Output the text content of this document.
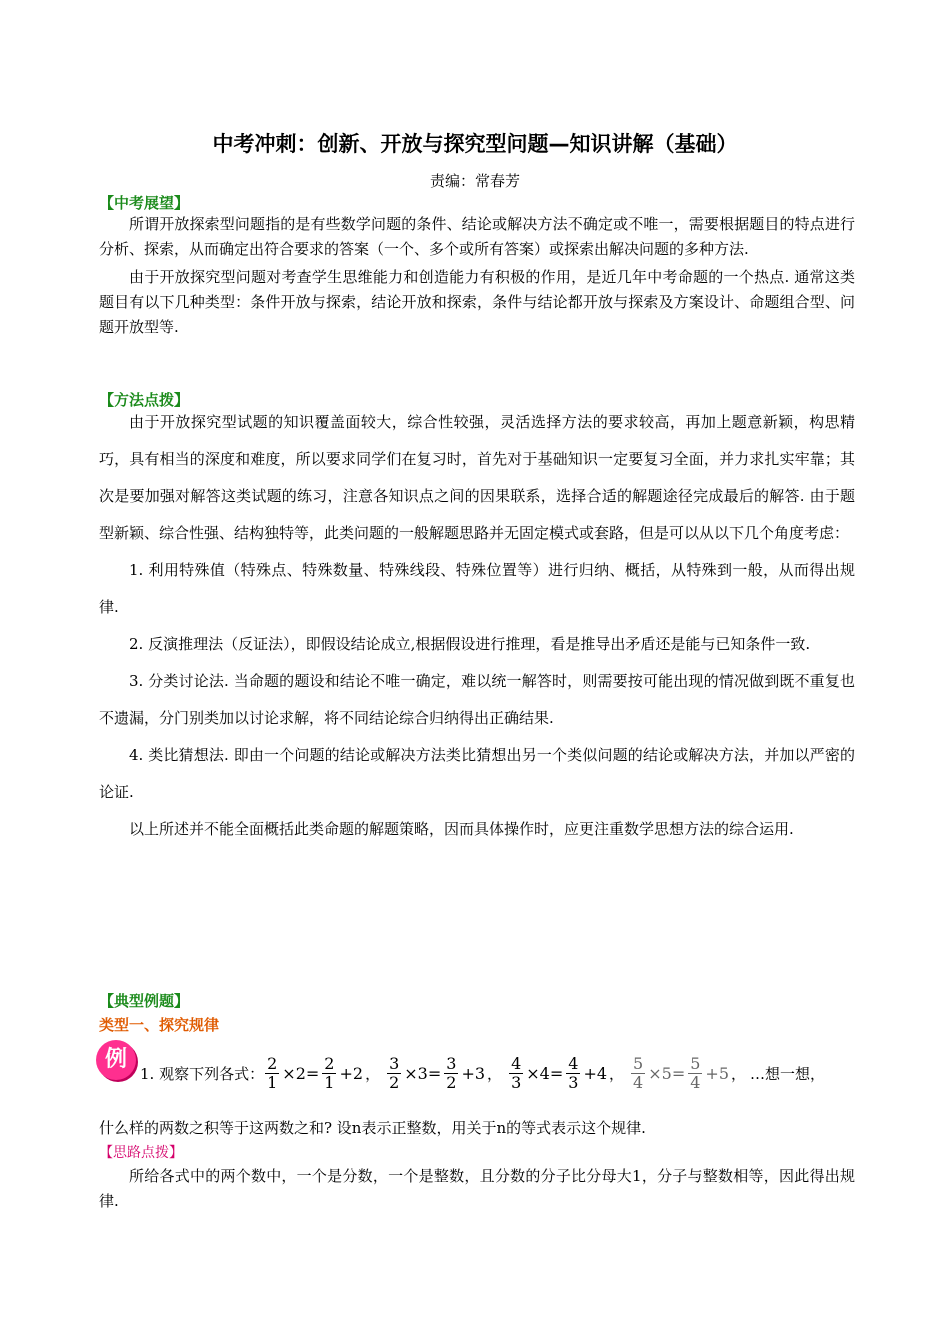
中考冲刺：创新、开放与探究型问题—知识讲解（基础）
责编：常春芳
【中考展望】

所谓开放探索型问题指的是有些数学问题的条件、结论或解决方法不确定或不唯一，需要根据题目的特点进行分析、探索，从而确定出符合要求的答案（一个、多个或所有答案）或探索出解决问题的多种方法.

由于开放探究型问题对考查学生思维能力和创造能力有积极的作用，是近几年中考命题的一个热点. 通常这类题目有以下几种类型：条件开放与探索，结论开放和探索，条件与结论都开放与探索及方案设计、命题组合型、问题开放型等.

【方法点拨】

由于开放探究型试题的知识覆盖面较大，综合性较强，灵活选择方法的要求较高，再加上题意新颖，构思精巧，具有相当的深度和难度，所以要求同学们在复习时，首先对于基础知识一定要复习全面，并力求扎实牢靠；其次是要加强对解答这类试题的练习，注意各知识点之间的因果联系，选择合适的解题途径完成最后的解答. 由于题型新颖、综合性强、结构独特等，此类问题的一般解题思路并无固定模式或套路，但是可以从以下几个角度考虑：

1. 利用特殊值（特殊点、特殊数量、特殊线段、特殊位置等）进行归纳、概括，从特殊到一般，从而得出规律.

2. 反演推理法（反证法），即假设结论成立,根据假设进行推理，看是推导出矛盾还是能与已知条件一致.

3. 分类讨论法. 当命题的题设和结论不唯一确定，难以统一解答时，则需要按可能出现的情况做到既不重复也不遗漏，分门别类加以讨论求解，将不同结论综合归纳得出正确结果.

4. 类比猜想法. 即由一个问题的结论或解决方法类比猜想出另一个类似问题的结论或解决方法，并加以严密的论证.

以上所述并不能全面概括此类命题的解题策略，因而具体操作时，应更注重数学思想方法的综合运用.

【典型例题】
类型一、探究规律
例
1. 观察下列各式： $\frac{2}{1} \times 2= \frac{2}{1} +2$ ， $\frac{3}{2} \times 3= \frac{3}{2} +3$ ， $\frac{4}{3} \times 4= \frac{4}{3} +4$ ， $\frac{5}{4} \times 5= \frac{5}{4} +5$ ， …想一想，
什么样的两数之积等于这两数之和? 设n表示正整数，用关于n的等式表示这个规律.
【思路点拨】

所给各式中的两个数中，一个是分数，一个是整数，且分数的分子比分母大1，分子与整数相等，因此得出规律.
